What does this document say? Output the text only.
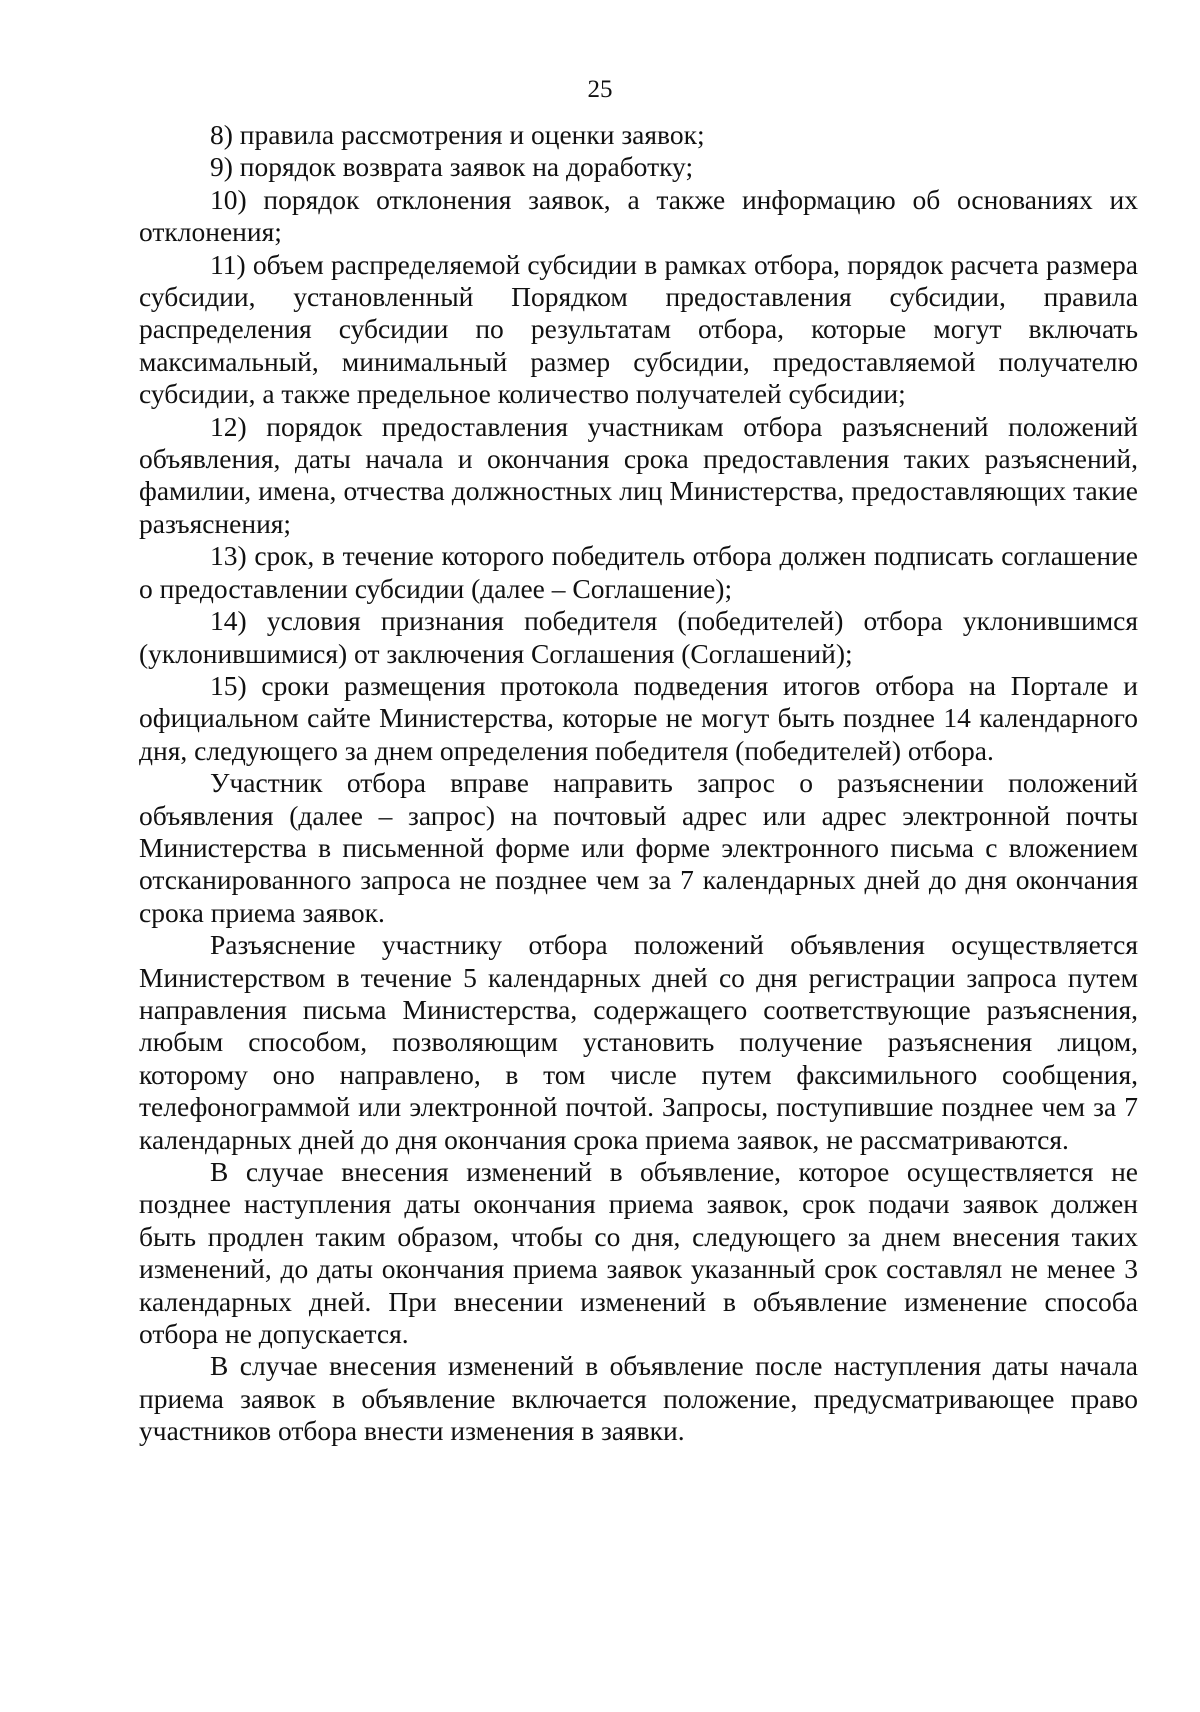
25

8) правила рассмотрения и оценки заявок;

9) порядок возврата заявок на доработку;

10) порядок отклонения заявок, а также информацию об основаниях их отклонения;

11) объем распределяемой субсидии в рамках отбора, порядок расчета размера субсидии, установленный Порядком предоставления субсидии, правила распределения субсидии по результатам отбора, которые могут включать максимальный, минимальный размер субсидии, предоставляемой получателю субсидии, а также предельное количество получателей субсидии;

12) порядок предоставления участникам отбора разъяснений положений объявления, даты начала и окончания срока предоставления таких разъяснений, фамилии, имена, отчества должностных лиц Министерства, предоставляющих такие разъяснения;

13) срок, в течение которого победитель отбора должен подписать соглашение о предоставлении субсидии (далее – Соглашение);

14) условия признания победителя (победителей) отбора уклонившимся (уклонившимися) от заключения Соглашения (Соглашений);

15) сроки размещения протокола подведения итогов отбора на Портале и официальном сайте Министерства, которые не могут быть позднее 14 календарного дня, следующего за днем определения победителя (победителей) отбора.

Участник отбора вправе направить запрос о разъяснении положений объявления (далее – запрос) на почтовый адрес или адрес электронной почты Министерства в письменной форме или форме электронного письма с вложением отсканированного запроса не позднее чем за 7 календарных дней до дня окончания срока приема заявок.

Разъяснение участнику отбора положений объявления осуществляется Министерством в течение 5 календарных дней со дня регистрации запроса путем направления письма Министерства, содержащего соответствующие разъяснения, любым способом, позволяющим установить получение разъяснения лицом, которому оно направлено, в том числе путем факсимильного сообщения, телефонограммой или электронной почтой. Запросы, поступившие позднее чем за 7 календарных дней до дня окончания срока приема заявок, не рассматриваются.

В случае внесения изменений в объявление, которое осуществляется не позднее наступления даты окончания приема заявок, срок подачи заявок должен быть продлен таким образом, чтобы со дня, следующего за днем внесения таких изменений, до даты окончания приема заявок указанный срок составлял не менее 3 календарных дней. При внесении изменений в объявление изменение способа отбора не допускается.

В случае внесения изменений в объявление после наступления даты начала приема заявок в объявление включается положение, предусматривающее право участников отбора внести изменения в заявки.
